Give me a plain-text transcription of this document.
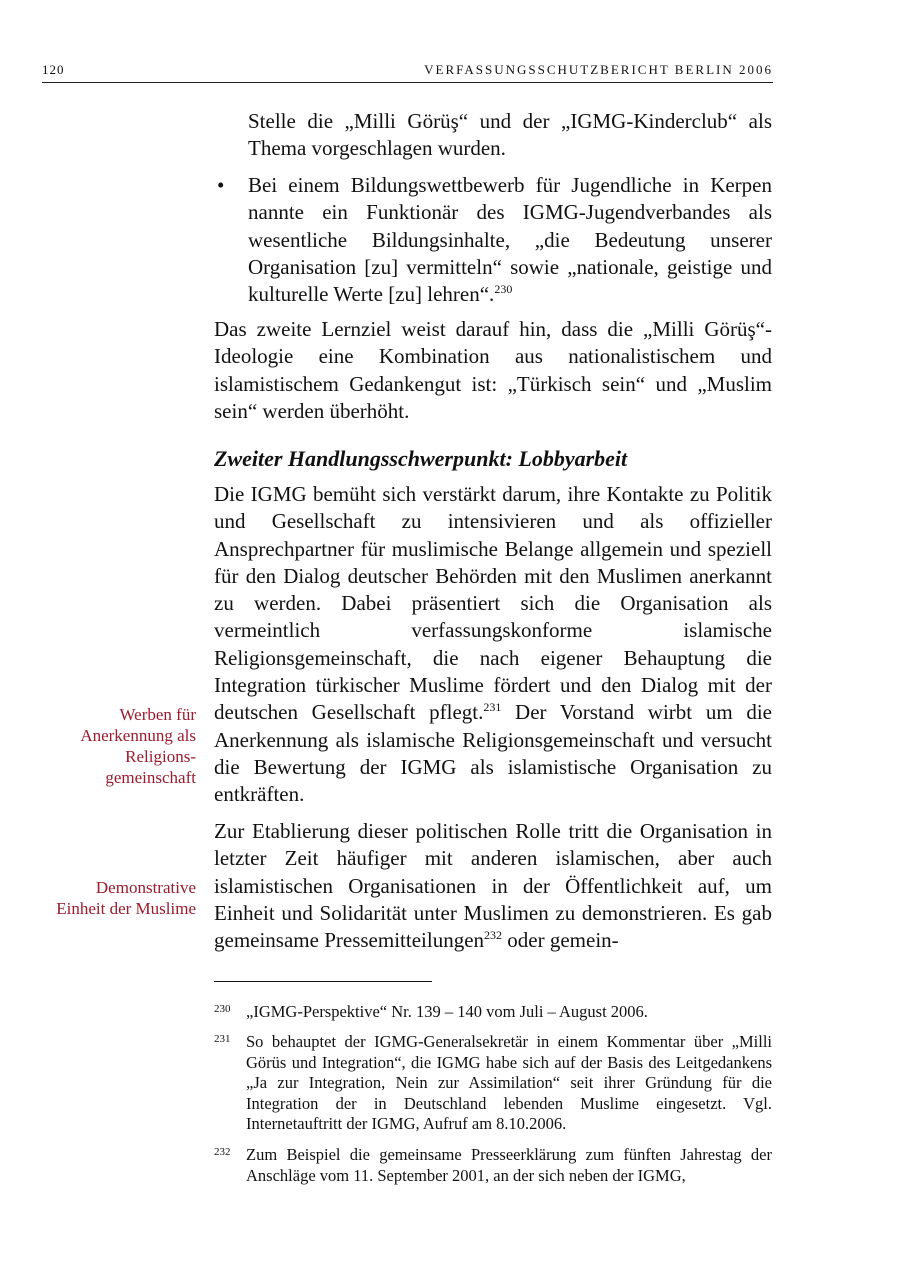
120	VERFASSUNGSSCHUTZBERICHT BERLIN 2006
Stelle die „Milli Görüş“ und der „IGMG-Kinderclub“ als Thema vorgeschlagen wurden.
• Bei einem Bildungswettbewerb für Jugendliche in Kerpen nannte ein Funktionär des IGMG-Jugendverbandes als wesentliche Bildungsinhalte, „die Bedeutung unserer Organisation [zu] vermitteln“ sowie „nationale, geistige und kulturelle Werte [zu] lehren“.$^{230}$

Das zweite Lernziel weist darauf hin, dass die „Milli Görüş“-Ideologie eine Kombination aus nationalistischem und islamistischem Gedankengut ist: „Türkisch sein“ und „Muslim sein“ werden überhöht.

Zweiter Handlungsschwerpunkt: Lobbyarbeit

Die IGMG bemüht sich verstärkt darum, ihre Kontakte zu Politik und Gesellschaft zu intensivieren und als offizieller Ansprechpartner für muslimische Belange allgemein und speziell für den Dialog deutscher Behörden mit den Muslimen anerkannt zu werden. Dabei präsentiert sich die Organisation als vermeintlich verfassungskonforme islamische Religionsgemeinschaft, die nach eigener Behauptung die Integration türkischer Muslime fördert und den Dialog mit der deutschen Gesellschaft pflegt.$^{231}$ Der Vorstand wirbt um die Anerkennung als islamische Religionsgemeinschaft und versucht die Bewertung der IGMG als islamistische Organisation zu entkräften.

Zur Etablierung dieser politischen Rolle tritt die Organisation in letzter Zeit häufiger mit anderen islamischen, aber auch islamistischen Organisationen in der Öffentlichkeit auf, um Einheit und Solidarität unter Muslimen zu demonstrieren. Es gab gemeinsame Pressemitteilungen$^{232}$ oder gemein-

Werben für
Anerkennung als
Religions-
gemeinschaft
Demonstrative
Einheit der Muslime
230 „IGMG-Perspektive“ Nr. 139 – 140 vom Juli – August 2006.
231 So behauptet der IGMG-Generalsekretär in einem Kommentar über „Milli Görüs und Integration“, die IGMG habe sich auf der Basis des Leitgedankens „Ja zur Integration, Nein zur Assimilation“ seit ihrer Gründung für die Integration der in Deutschland lebenden Muslime eingesetzt. Vgl. Internetauftritt der IGMG, Aufruf am 8.10.2006.
232 Zum Beispiel die gemeinsame Presseerklärung zum fünften Jahrestag der Anschläge vom 11. September 2001, an der sich neben der IGMG,
